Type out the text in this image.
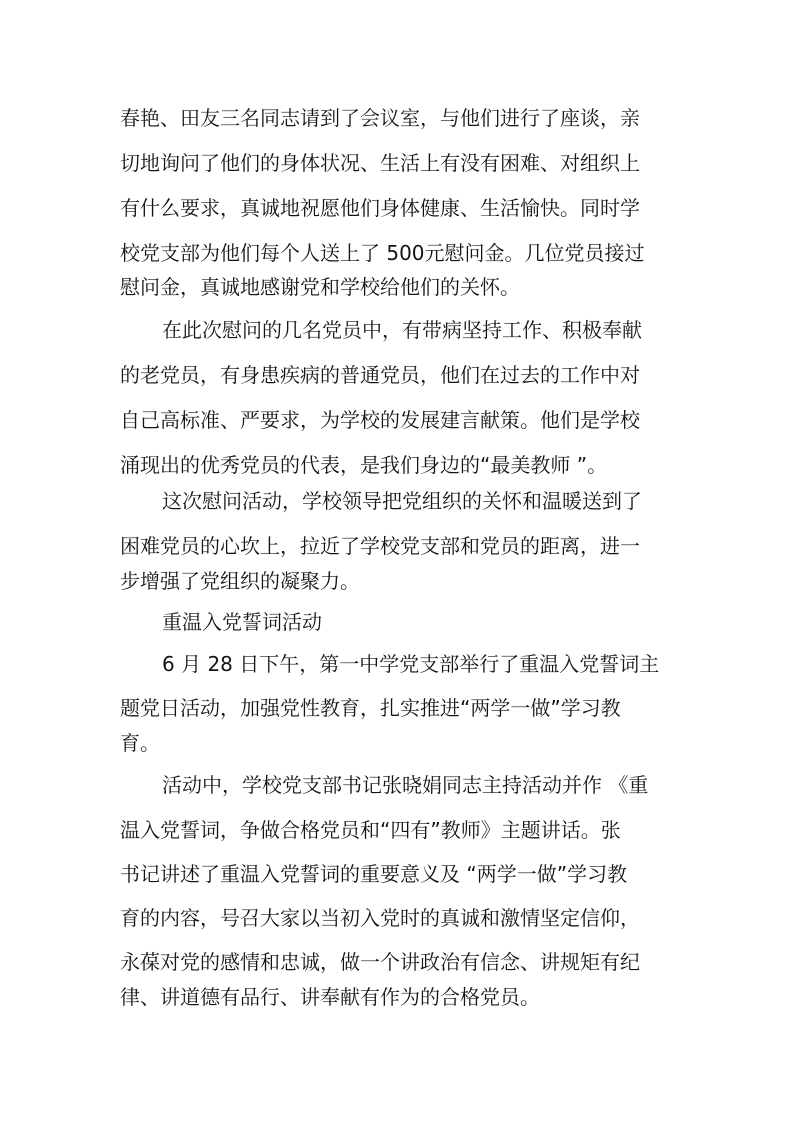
春艳、田友三名同志请到了会议室，与他们进行了座谈，亲

切地询问了他们的身体状况、生活上有没有困难、对组织上

有什么要求，真诚地祝愿他们身体健康、生活愉快。同时学

校党支部为他们每个人送上了 500元慰问金。几位党员接过

慰问金，真诚地感谢党和学校给他们的关怀。

在此次慰问的几名党员中，有带病坚持工作、积极奉献

的老党员，有身患疾病的普通党员，他们在过去的工作中对

自己高标准、严要求，为学校的发展建言献策。他们是学校

涌现出的优秀党员的代表，是我们身边的“最美教师 ”。

这次慰问活动，学校领导把党组织的关怀和温暖送到了

困难党员的心坎上，拉近了学校党支部和党员的距离，进一

步增强了党组织的凝聚力。

重温入党誓词活动

6 月 28 日下午，第一中学党支部举行了重温入党誓词主

题党日活动，加强党性教育，扎实推进“两学一做”学习教

育。

活动中，学校党支部书记张晓娟同志主持活动并作 《重

温入党誓词，争做合格党员和“四有”教师》主题讲话。张

书记讲述了重温入党誓词的重要意义及 “两学一做”学习教

育的内容，号召大家以当初入党时的真诚和激情坚定信仰，

永葆对党的感情和忠诚，做一个讲政治有信念、讲规矩有纪

律、讲道德有品行、讲奉献有作为的合格党员。
